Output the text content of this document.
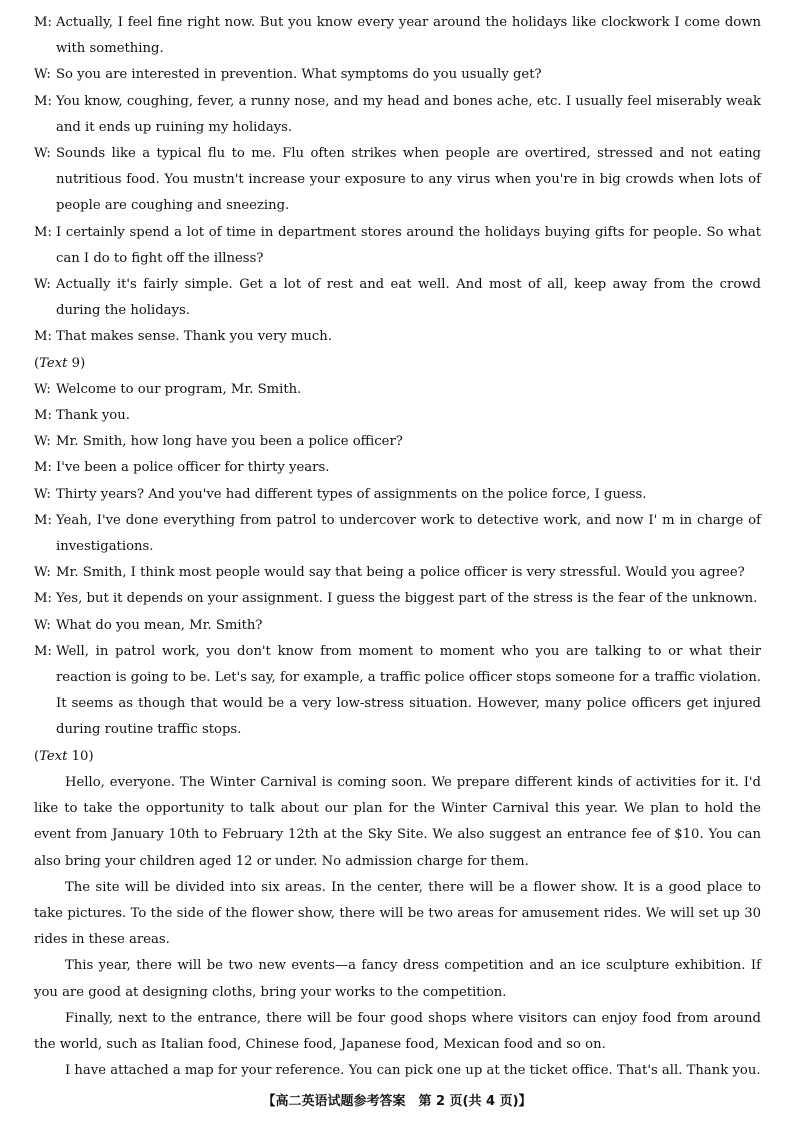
M: Actually, I feel fine right now. But you know every year around the holidays like clockwork I come down with something.
W: So you are interested in prevention. What symptoms do you usually get?
M: You know, coughing, fever, a runny nose, and my head and bones ache, etc. I usually feel miserably weak and it ends up ruining my holidays.
W: Sounds like a typical flu to me. Flu often strikes when people are overtired, stressed and not eating nutritious food. You mustn't increase your exposure to any virus when you're in big crowds when lots of people are coughing and sneezing.
M: I certainly spend a lot of time in department stores around the holidays buying gifts for people. So what can I do to fight off the illness?
W: Actually it's fairly simple. Get a lot of rest and eat well. And most of all, keep away from the crowd during the holidays.
M: That makes sense. Thank you very much.
(Text 9)
W: Welcome to our program, Mr. Smith.
M: Thank you.
W: Mr. Smith, how long have you been a police officer?
M: I've been a police officer for thirty years.
W: Thirty years? And you've had different types of assignments on the police force, I guess.
M: Yeah, I've done everything from patrol to undercover work to detective work, and now I' m in charge of investigations.
W: Mr. Smith, I think most people would say that being a police officer is very stressful. Would you agree?
M: Yes, but it depends on your assignment. I guess the biggest part of the stress is the fear of the unknown.
W: What do you mean, Mr. Smith?
M: Well, in patrol work, you don't know from moment to moment who you are talking to or what their reaction is going to be. Let's say, for example, a traffic police officer stops someone for a traffic violation. It seems as though that would be a very low-stress situation. However, many police officers get injured during routine traffic stops.
(Text 10)
Hello, everyone. The Winter Carnival is coming soon. We prepare different kinds of activities for it. I'd like to take the opportunity to talk about our plan for the Winter Carnival this year. We plan to hold the event from January 10th to February 12th at the Sky Site. We also suggest an entrance fee of $10. You can also bring your children aged 12 or under. No admission charge for them.
The site will be divided into six areas. In the center, there will be a flower show. It is a good place to take pictures. To the side of the flower show, there will be two areas for amusement rides. We will set up 30 rides in these areas.
This year, there will be two new events—a fancy dress competition and an ice sculpture exhibition. If you are good at designing cloths, bring your works to the competition.
Finally, next to the entrance, there will be four good shops where visitors can enjoy food from around the world, such as Italian food, Chinese food, Japanese food, Mexican food and so on.
I have attached a map for your reference. You can pick one up at the ticket office. That's all. Thank you.
【高二英语试题参考答案　第 2 页(共 4 页)】
